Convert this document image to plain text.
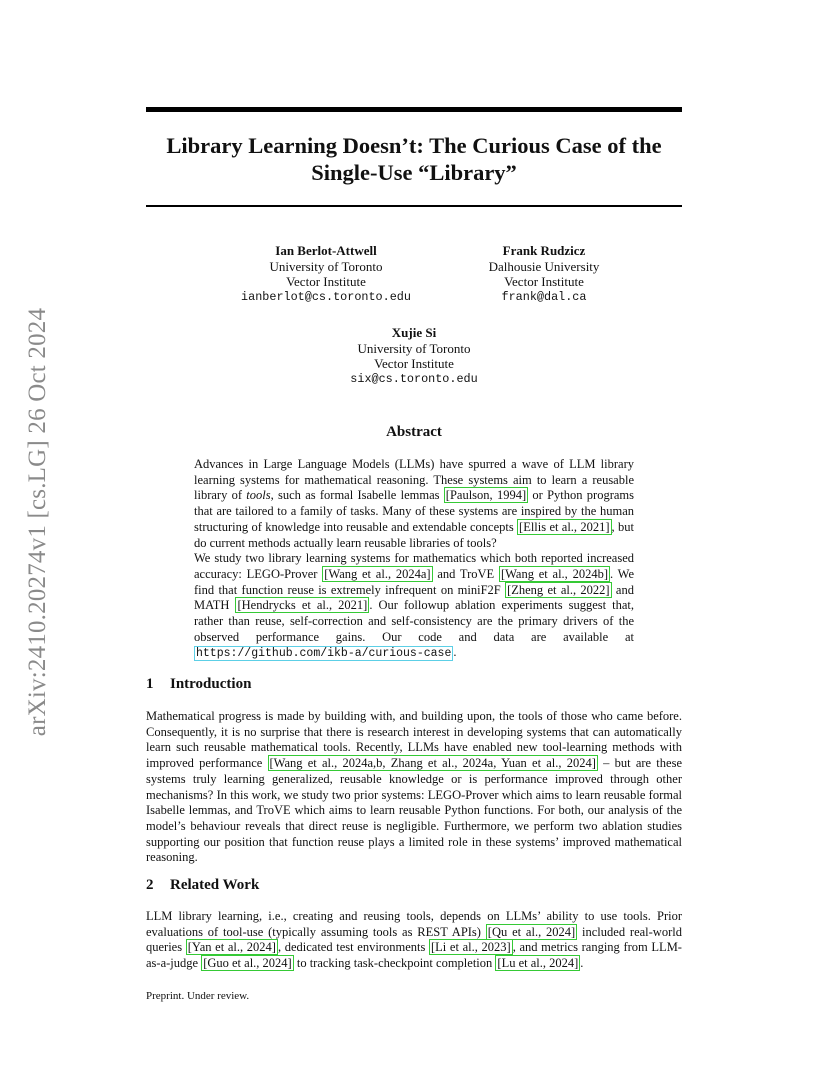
arXiv:2410.20274v1 [cs.LG] 26 Oct 2024
Library Learning Doesn’t: The Curious Case of the
Single-Use “Library”
Ian Berlot-Attwell
University of Toronto
Vector Institute
ianberlot@cs.toronto.edu
Frank Rudzicz
Dalhousie University
Vector Institute
frank@dal.ca
Xujie Si
University of Toronto
Vector Institute
six@cs.toronto.edu
Abstract

Advances in Large Language Models (LLMs) have spurred a wave of LLM library learning systems for mathematical reasoning. These systems aim to learn a reusable library of tools, such as formal Isabelle lemmas [Paulson, 1994] or Python programs that are tailored to a family of tasks. Many of these systems are inspired by the human structuring of knowledge into reusable and extendable concepts [Ellis et al., 2021] , but do current methods actually learn reusable libraries of tools?

We study two library learning systems for mathematics which both reported increased accuracy: LEGO-Prover [Wang et al., 2024a] and TroVE [Wang et al., 2024b] . We find that function reuse is extremely infrequent on miniF2F [Zheng et al., 2022] and MATH [Hendrycks et al., 2021] . Our followup ablation experiments suggest that, rather than reuse, self-correction and self-consistency are the primary drivers of the observed performance gains. Our code and data are available at https://github.com/ikb-a/curious-case .

1 Introduction

Mathematical progress is made by building with, and building upon, the tools of those who came before. Consequently, it is no surprise that there is research interest in developing systems that can automatically learn such reusable mathematical tools. Recently, LLMs have enabled new tool-learning methods with improved performance [Wang et al., 2024a,b, Zhang et al., 2024a, Yuan et al., 2024] – but are these systems truly learning generalized, reusable knowledge or is performance improved through other mechanisms? In this work, we study two prior systems: LEGO-Prover which aims to learn reusable formal Isabelle lemmas, and TroVE which aims to learn reusable Python functions. For both, our analysis of the model’s behaviour reveals that direct reuse is negligible. Furthermore, we perform two ablation studies supporting our position that function reuse plays a limited role in these systems’ improved mathematical reasoning.

2 Related Work

LLM library learning, i.e., creating and reusing tools, depends on LLMs’ ability to use tools. Prior evaluations of tool-use (typically assuming tools as REST APIs) [Qu et al., 2024] included real-world queries [Yan et al., 2024] , dedicated test environments [Li et al., 2023] , and metrics ranging from LLM-as-a-judge [Guo et al., 2024] to tracking task-checkpoint completion [Lu et al., 2024] .

Preprint. Under review.
